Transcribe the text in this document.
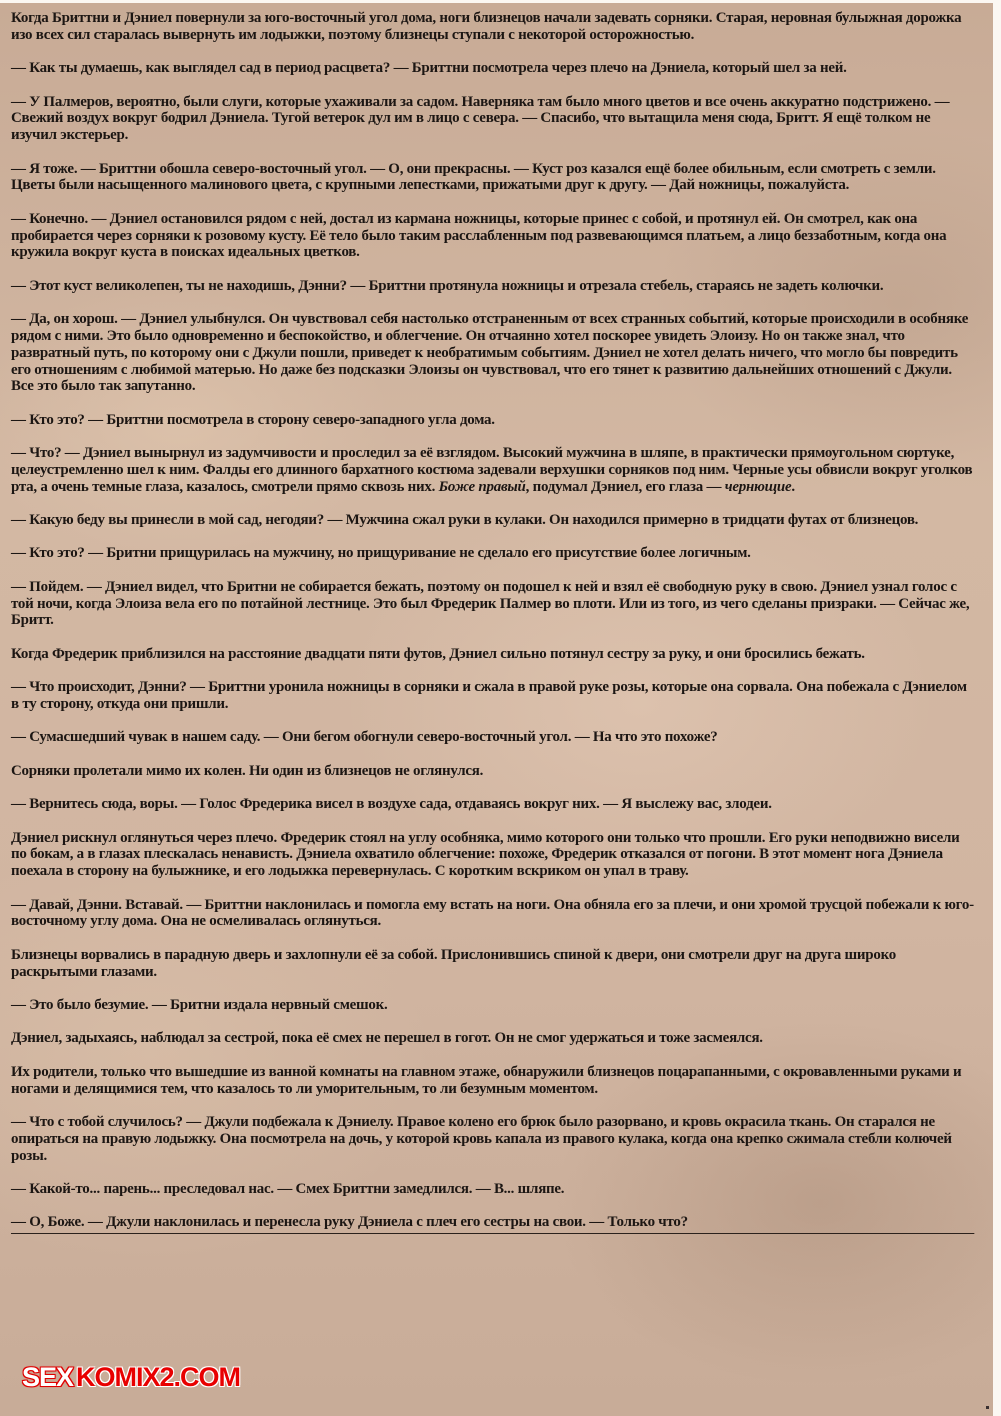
Когда Бриттни и Дэниел повернули за юго-восточный угол дома, ноги близнецов начали задевать сорняки. Старая, неровная булыжная дорожка изо всех сил старалась вывернуть им лодыжки, поэтому близнецы ступали с некоторой осторожностью.

— Как ты думаешь, как выглядел сад в период расцвета? — Бриттни посмотрела через плечо на Дэниела, который шел за ней.

— У Палмеров, вероятно, были слуги, которые ухаживали за садом. Наверняка там было много цветов и все очень аккуратно подстрижено. — Свежий воздух вокруг бодрил Дэниела. Тугой ветерок дул им в лицо с севера. — Спасибо, что вытащила меня сюда, Бритт. Я ещё толком не изучил экстерьер.

— Я тоже. — Бриттни обошла северо-восточный угол. — О, они прекрасны. — Куст роз казался ещё более обильным, если смотреть с земли. Цветы были насыщенного малинового цвета, с крупными лепестками, прижатыми друг к другу. — Дай ножницы, пожалуйста.

— Конечно. — Дэниел остановился рядом с ней, достал из кармана ножницы, которые принес с собой, и протянул ей. Он смотрел, как она пробирается через сорняки к розовому кусту. Её тело было таким расслабленным под развевающимся платьем, а лицо беззаботным, когда она кружила вокруг куста в поисках идеальных цветков.

— Этот куст великолепен, ты не находишь, Дэнни? — Бриттни протянула ножницы и отрезала стебель, стараясь не задеть колючки.

— Да, он хорош. — Дэниел улыбнулся. Он чувствовал себя настолько отстраненным от всех странных событий, которые происходили в особняке рядом с ними. Это было одновременно и беспокойство, и облегчение. Он отчаянно хотел поскорее увидеть Элоизу. Но он также знал, что развратный путь, по которому они с Джули пошли, приведет к необратимым событиям. Дэниел не хотел делать ничего, что могло бы повредить его отношениям с любимой матерью. Но даже без подсказки Элоизы он чувствовал, что его тянет к развитию дальнейших отношений с Джули. Все это было так запутанно.

— Кто это? — Бриттни посмотрела в сторону северо-западного угла дома.

— Что? — Дэниел вынырнул из задумчивости и проследил за её взглядом. Высокий мужчина в шляпе, в практически прямоугольном сюртуке, целеустремленно шел к ним. Фалды его длинного бархатного костюма задевали верхушки сорняков под ним. Черные усы обвисли вокруг уголков рта, а очень темные глаза, казалось, смотрели прямо сквозь них. Боже правый, подумал Дэниел, его глаза — чернющие.

— Какую беду вы принесли в мой сад, негодяи? — Мужчина сжал руки в кулаки. Он находился примерно в тридцати футах от близнецов.

— Кто это? — Бритни прищурилась на мужчину, но прищуривание не сделало его присутствие более логичным.

— Пойдем. — Дэниел видел, что Бритни не собирается бежать, поэтому он подошел к ней и взял её свободную руку в свою. Дэниел узнал голос с той ночи, когда Элоиза вела его по потайной лестнице. Это был Фредерик Палмер во плоти. Или из того, из чего сделаны призраки. — Сейчас же, Бритт.

Когда Фредерик приблизился на расстояние двадцати пяти футов, Дэниел сильно потянул сестру за руку, и они бросились бежать.

— Что происходит, Дэнни? — Бриттни уронила ножницы в сорняки и сжала в правой руке розы, которые она сорвала. Она побежала с Дэниелом в ту сторону, откуда они пришли.

— Сумасшедший чувак в нашем саду. — Они бегом обогнули северо-восточный угол. — На что это похоже?

Сорняки пролетали мимо их колен. Ни один из близнецов не оглянулся.

— Вернитесь сюда, воры. — Голос Фредерика висел в воздухе сада, отдаваясь вокруг них. — Я выслежу вас, злодеи.

Дэниел рискнул оглянуться через плечо. Фредерик стоял на углу особняка, мимо которого они только что прошли. Его руки неподвижно висели по бокам, а в глазах плескалась ненависть. Дэниела охватило облегчение: похоже, Фредерик отказался от погони. В этот момент нога Дэниела поехала в сторону на булыжнике, и его лодыжка перевернулась. С коротким вскриком он упал в траву.

— Давай, Дэнни. Вставай. — Бриттни наклонилась и помогла ему встать на ноги. Она обняла его за плечи, и они хромой трусцой побежали к юго-восточному углу дома. Она не осмеливалась оглянуться.

Близнецы ворвались в парадную дверь и захлопнули её за собой. Прислонившись спиной к двери, они смотрели друг на друга широко раскрытыми глазами.

— Это было безумие. — Бритни издала нервный смешок.

Дэниел, задыхаясь, наблюдал за сестрой, пока её смех не перешел в гогот. Он не смог удержаться и тоже засмеялся.

Их родители, только что вышедшие из ванной комнаты на главном этаже, обнаружили близнецов поцарапанными, с окровавленными руками и ногами и делящимися тем, что казалось то ли уморительным, то ли безумным моментом.

— Что с тобой случилось? — Джули подбежала к Дэниелу. Правое колено его брюк было разорвано, и кровь окрасила ткань. Он старался не опираться на правую лодыжку. Она посмотрела на дочь, у которой кровь капала из правого кулака, когда она крепко сжимала стебли колючей розы.

— Какой-то... парень... преследовал нас. — Смех Бриттни замедлился. — В... шляпе.

— О, Боже. — Джули наклонилась и перенесла руку Дэниела с плеч его сестры на свои. — Только что?

SEX KOMIX2.COM
